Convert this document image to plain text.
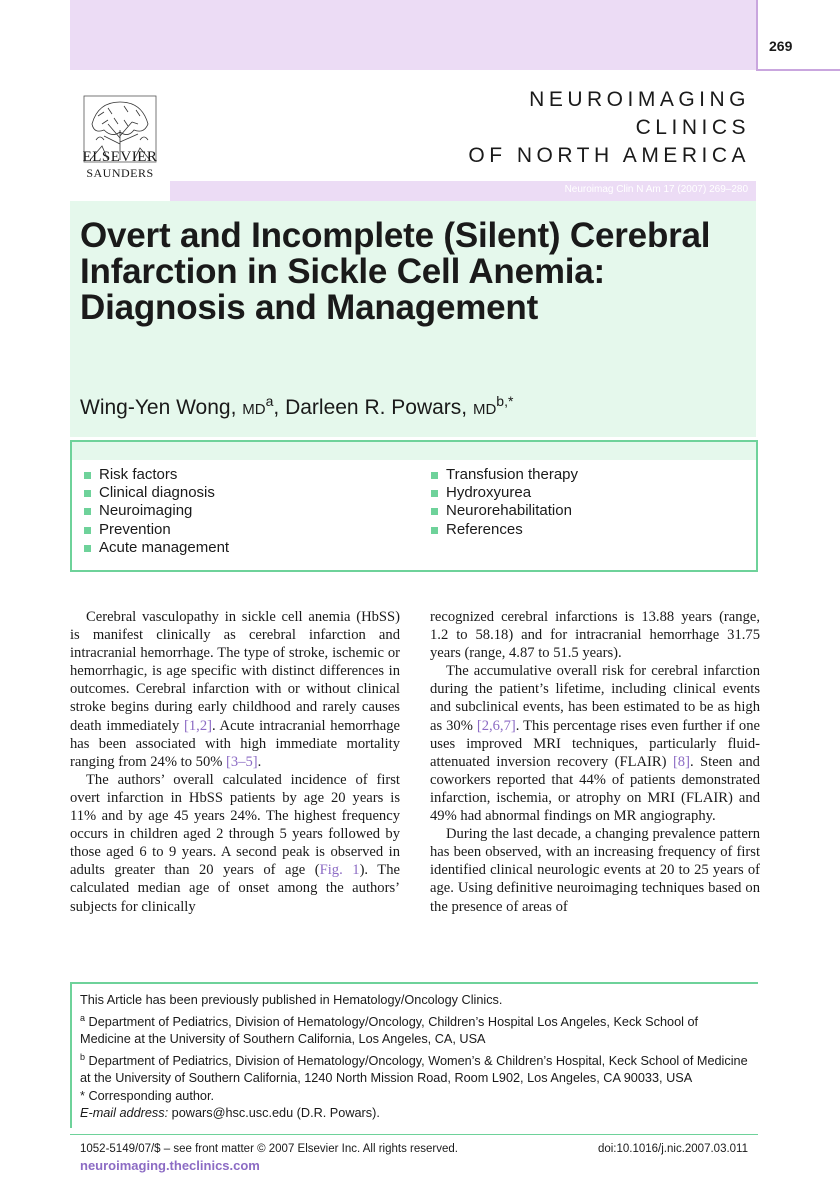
269
ELSEVIER
SAUNDERS
NEUROIMAGING
CLINICS
OF NORTH AMERICA
Neuroimag Clin N Am 17 (2007) 269–280
Overt and Incomplete (Silent) Cerebral Infarction in Sickle Cell Anemia: Diagnosis and Management
Wing-Yen Wong, $MD^a$, Darleen R. Powars, $MD^{b,*}$
Risk factors
Clinical diagnosis
Neuroimaging
Prevention
Acute management
Transfusion therapy
Hydroxyurea
Neurorehabilitation
References

Cerebral vasculopathy in sickle cell anemia (HbSS) is manifest clinically as cerebral infarction and intracranial hemorrhage. The type of stroke, ischemic or hemorrhagic, is age specific with distinct differences in outcomes. Cerebral infarction with or without clinical stroke begins during early childhood and rarely causes death immediately [1,2]. Acute intracranial hemorrhage has been associated with high immediate mortality ranging from 24% to 50% [3–5].

The authors’ overall calculated incidence of first overt infarction in HbSS patients by age 20 years is 11% and by age 45 years 24%. The highest frequency occurs in children aged 2 through 5 years followed by those aged 6 to 9 years. A second peak is observed in adults greater than 20 years of age (Fig. 1). The calculated median age of onset among the authors’ subjects for clinically

recognized cerebral infarctions is 13.88 years (range, 1.2 to 58.18) and for intracranial hemorrhage 31.75 years (range, 4.87 to 51.5 years).

The accumulative overall risk for cerebral infarction during the patient’s lifetime, including clinical events and subclinical events, has been estimated to be as high as 30% [2,6,7]. This percentage rises even further if one uses improved MRI techniques, particularly fluid-attenuated inversion recovery (FLAIR) [8]. Steen and coworkers reported that 44% of patients demonstrated infarction, ischemia, or atrophy on MRI (FLAIR) and 49% had abnormal findings on MR angiography.

During the last decade, a changing prevalence pattern has been observed, with an increasing frequency of first identified clinical neurologic events at 20 to 25 years of age. Using definitive neuroimaging techniques based on the presence of areas of

This Article has been previously published in Hematology/Oncology Clinics.
$^a$ Department of Pediatrics, Division of Hematology/Oncology, Children’s Hospital Los Angeles, Keck School of Medicine at the University of Southern California, Los Angeles, CA, USA
$^b$ Department of Pediatrics, Division of Hematology/Oncology, Women’s & Children’s Hospital, Keck School of Medicine at the University of Southern California, 1240 North Mission Road, Room L902, Los Angeles, CA 90033, USA
* Corresponding author.
E-mail address: powars@hsc.usc.edu (D.R. Powars).
1052-5149/07/$ – see front matter © 2007 Elsevier Inc. All rights reserved.	doi:10.1016/j.nic.2007.03.011
neuroimaging.theclinics.com
